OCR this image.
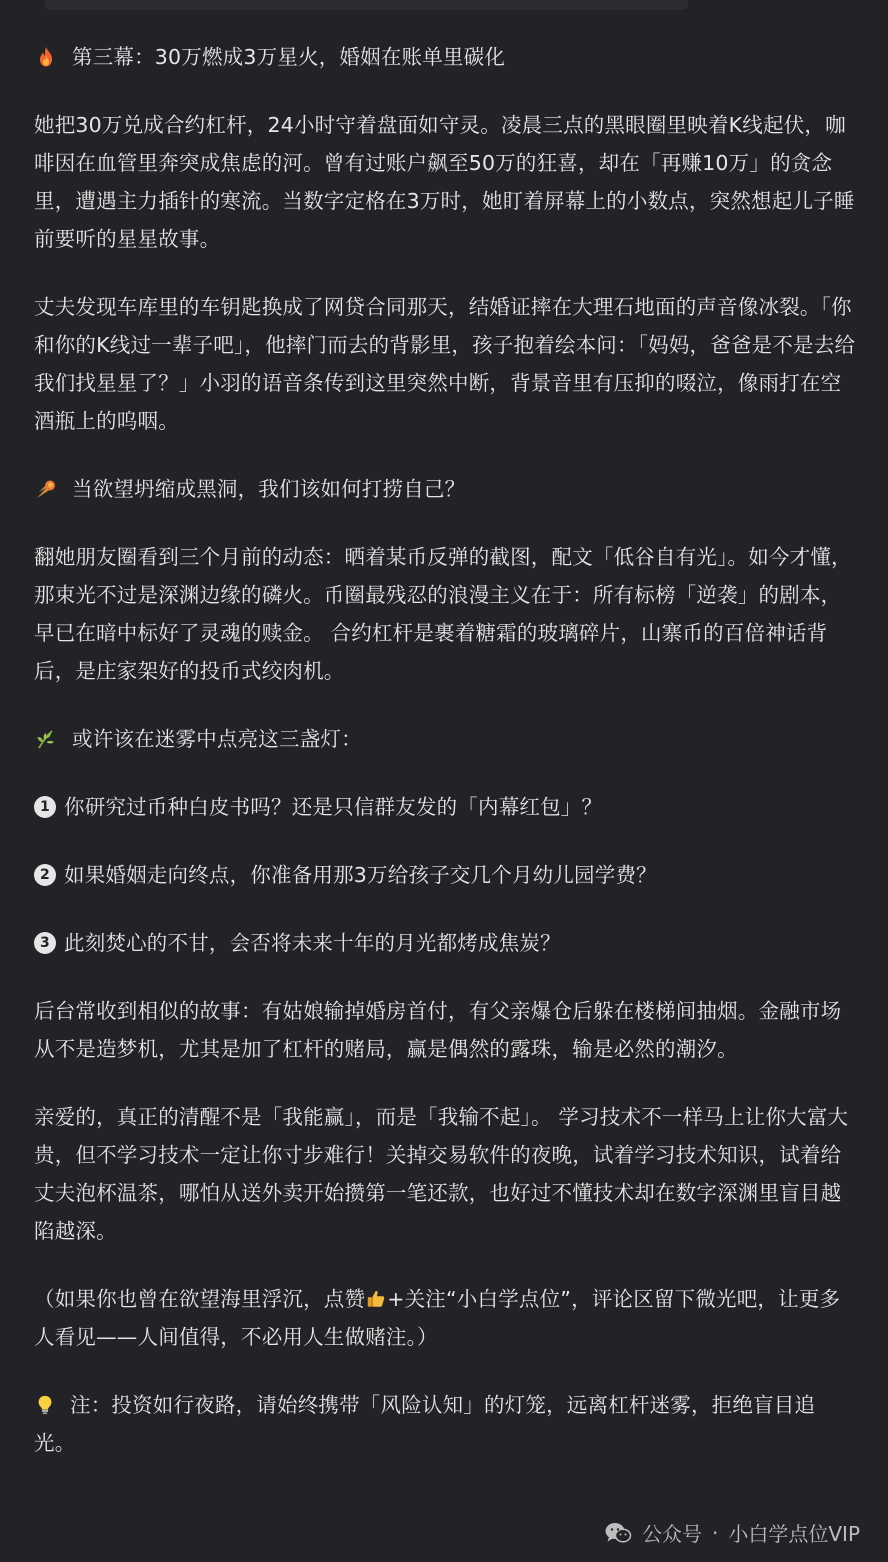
第三幕：30万燃成3万星火，婚姻在账单里碳化

她把30万兑成合约杠杆，24小时守着盘面如守灵。凌晨三点的黑眼圈里映着K线起伏，咖啡因在血管里奔突成焦虑的河。曾有过账户飙至50万的狂喜，却在「再赚10万」的贪念里，遭遇主力插针的寒流。当数字定格在3万时，她盯着屏幕上的小数点，突然想起儿子睡前要听的星星故事。

丈夫发现车库里的车钥匙换成了网贷合同那天，结婚证摔在大理石地面的声音像冰裂。「你和你的K线过一辈子吧」，他摔门而去的背影里，孩子抱着绘本问：「妈妈，爸爸是不是去给我们找星星了？」小羽的语音条传到这里突然中断，背景音里有压抑的啜泣，像雨打在空酒瓶上的呜咽。

当欲望坍缩成黑洞，我们该如何打捞自己？

翻她朋友圈看到三个月前的动态：晒着某币反弹的截图，配文「低谷自有光」。如今才懂，那束光不过是深渊边缘的磷火。币圈最残忍的浪漫主义在于：所有标榜「逆袭」的剧本，早已在暗中标好了灵魂的赎金。 合约杠杆是裹着糖霜的玻璃碎片，山寨币的百倍神话背后，是庄家架好的投币式绞肉机。

或许该在迷雾中点亮这三盏灯：
1 你研究过币种白皮书吗？还是只信群友发的「内幕红包」？
2 如果婚姻走向终点，你准备用那3万给孩子交几个月幼儿园学费？
3 此刻焚心的不甘，会否将未来十年的月光都烤成焦炭？

后台常收到相似的故事：有姑娘输掉婚房首付，有父亲爆仓后躲在楼梯间抽烟。金融市场从不是造梦机，尤其是加了杠杆的赌局，赢是偶然的露珠，输是必然的潮汐。

亲爱的，真正的清醒不是「我能赢」，而是「我输不起」。 学习技术不一样马上让你大富大贵，但不学习技术一定让你寸步难行！关掉交易软件的夜晚，试着学习技术知识，试着给丈夫泡杯温茶，哪怕从送外卖开始攒第一笔还款，也好过不懂技术却在数字深渊里盲目越陷越深。

（如果你也曾在欲望海里浮沉，点赞 +关注“小白学点位”，评论区留下微光吧，让更多人看见——人间值得，不必用人生做赌注。）

注：投资如行夜路，请始终携带「风险认知」的灯笼，远离杠杆迷雾，拒绝盲目追光。
公众号 · 小白学点位VIP
